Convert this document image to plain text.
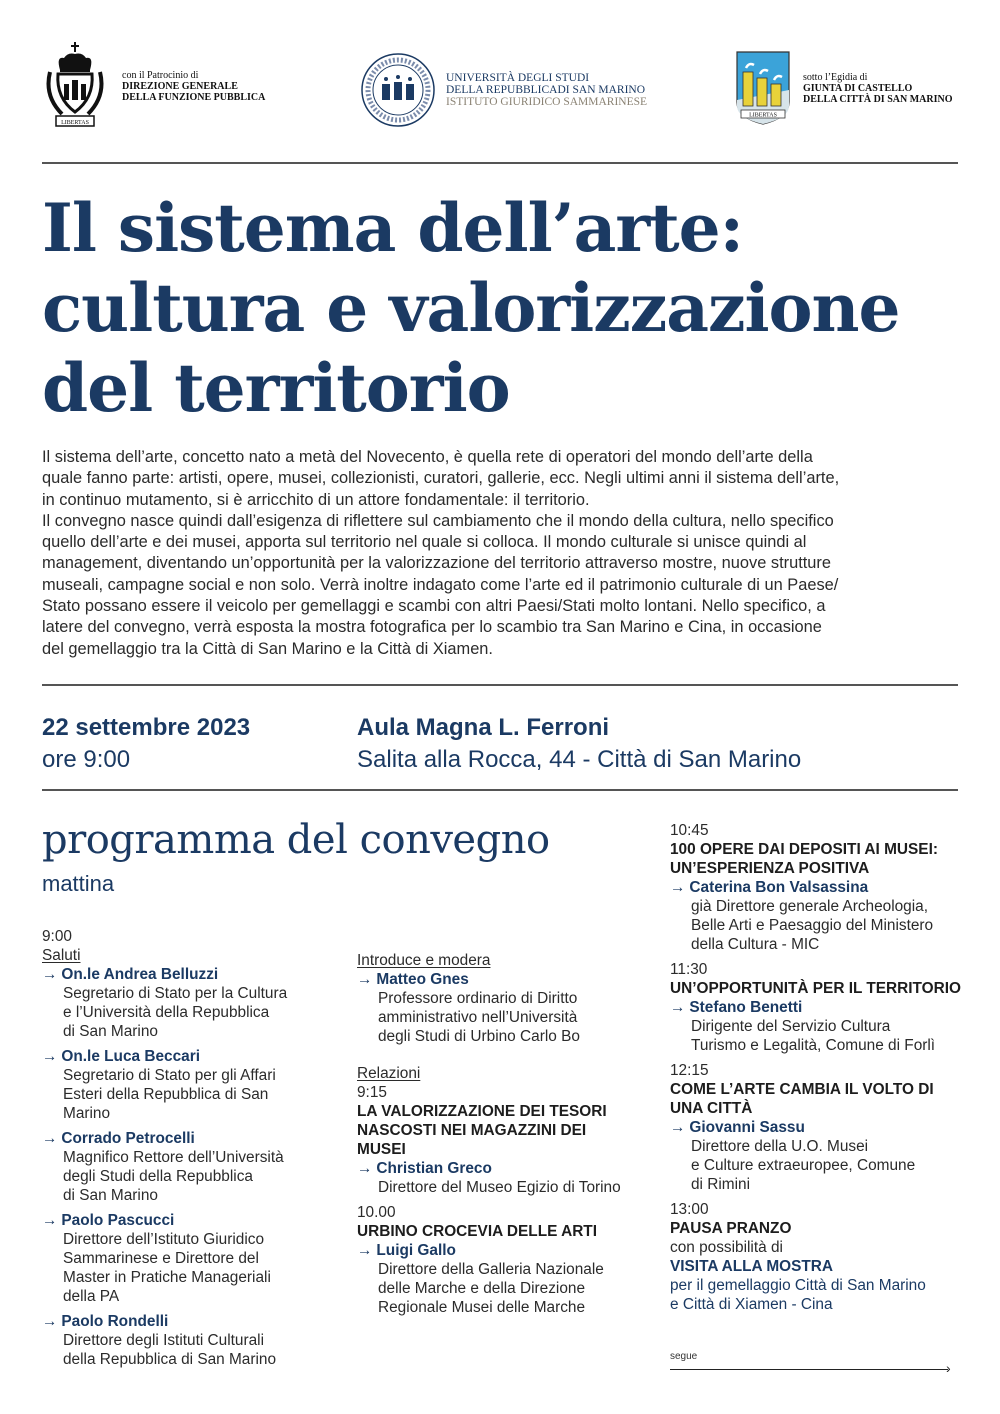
LIBERTAS
con il Patrocinio di
DIREZIONE GENERALE
DELLA FUNZIONE PUBBLICA
UNIVERSITÀ DEGLI STUDI
DELLA REPUBBLICADI SAN MARINO
ISTITUTO GIURIDICO SAMMARINESE
LIBERTAS
sotto l’Egidia di
GIUNTA DI CASTELLO
DELLA CITTÀ DI SAN MARINO
Il sistema dell’arte:
cultura e valorizzazione
del territorio
Il sistema dell’arte, concetto nato a metà del Novecento, è quella rete di operatori del mondo dell’arte della
quale fanno parte: artisti, opere, musei, collezionisti, curatori, gallerie, ecc. Negli ultimi anni il sistema dell’arte,
in continuo mutamento, si è arricchito di un attore fondamentale: il territorio.
Il convegno nasce quindi dall’esigenza di riflettere sul cambiamento che il mondo della cultura, nello specifico
quello dell’arte e dei musei, apporta sul territorio nel quale si colloca. Il mondo culturale si unisce quindi al
management, diventando un’opportunità per la valorizzazione del territorio attraverso mostre, nuove strutture
museali, campagne social e non solo. Verrà inoltre indagato come l’arte ed il patrimonio culturale di un Paese/
Stato possano essere il veicolo per gemellaggi e scambi con altri Paesi/Stati molto lontani. Nello specifico, a
latere del convegno, verrà esposta la mostra fotografica per lo scambio tra San Marino e Cina, in occasione
del gemellaggio tra la Città di San Marino e la Città di Xiamen.
22 settembre 2023
ore 9:00
Aula Magna L. Ferroni
Salita alla Rocca, 44 - Città di San Marino
programma del convegno
mattina
9:00
Saluti
→ On.le Andrea Belluzzi
Segretario di Stato per la Cultura
e l’Università della Repubblica
di San Marino
→ On.le Luca Beccari
Segretario di Stato per gli Affari
Esteri della Repubblica di San
Marino
→ Corrado Petrocelli
Magnifico Rettore dell’Università
degli Studi della Repubblica
di San Marino
→ Paolo Pascucci
Direttore dell’Istituto Giuridico
Sammarinese e Direttore del
Master in Pratiche Manageriali
della PA
→ Paolo Rondelli
Direttore degli Istituti Culturali
della Repubblica di San Marino
Introduce e modera
→ Matteo Gnes
Professore ordinario di Diritto
amministrativo nell’Università
degli Studi di Urbino Carlo Bo
Relazioni
9:15
LA VALORIZZAZIONE DEI TESORI
NASCOSTI NEI MAGAZZINI DEI
MUSEI
→ Christian Greco
Direttore del Museo Egizio di Torino
10.00
URBINO CROCEVIA DELLE ARTI
→ Luigi Gallo
Direttore della Galleria Nazionale
delle Marche e della Direzione
Regionale Musei delle Marche
10:45
100 OPERE DAI DEPOSITI AI MUSEI:
UN’ESPERIENZA POSITIVA
→ Caterina Bon Valsassina
già Direttore generale Archeologia,
Belle Arti e Paesaggio del Ministero
della Cultura - MIC
11:30
UN’OPPORTUNITÀ PER IL TERRITORIO
→ Stefano Benetti
Dirigente del Servizio Cultura
Turismo e Legalità, Comune di Forlì
12:15
COME L’ARTE CAMBIA IL VOLTO DI
UNA CITTÀ
→ Giovanni Sassu
Direttore della U.O. Musei
e Culture extraeuropee, Comune
di Rimini
13:00
PAUSA PRANZO
con possibilità di
VISITA ALLA MOSTRA
per il gemellaggio Città di San Marino
e Città di Xiamen - Cina
segue
›
